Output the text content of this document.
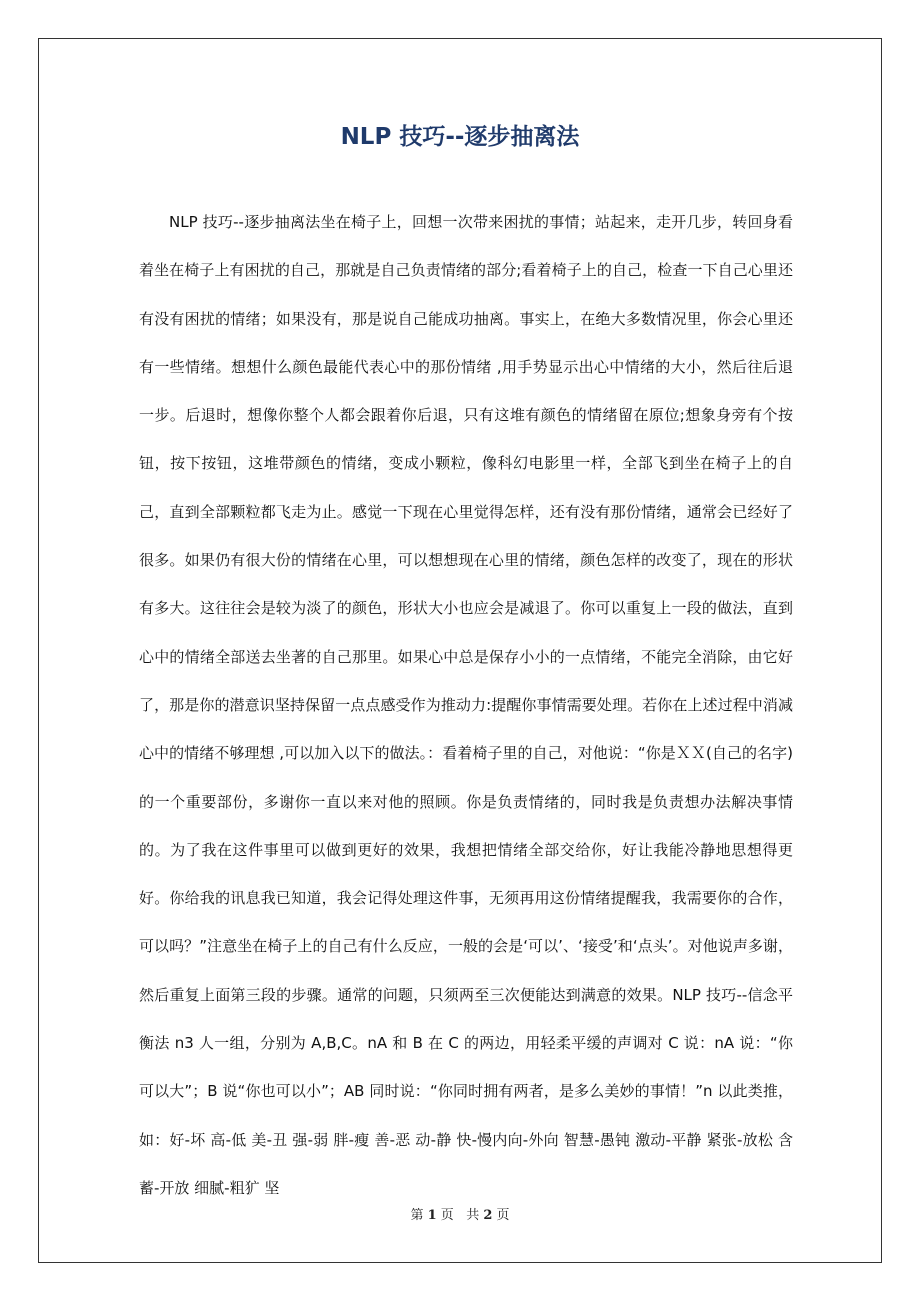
NLP 技巧--逐步抽离法

NLP 技巧--逐步抽离法坐在椅子上，回想一次带来困扰的事情；站起来，走开几步，转回身看着坐在椅子上有困扰的自己，那就是自己负责情绪的部分;看着椅子上的自己，检查一下自己心里还有没有困扰的情绪；如果没有，那是说自己能成功抽离。事实上，在绝大多数情况里，你会心里还有一些情绪。想想什么颜色最能代表心中的那份情绪 ,用手势显示出心中情绪的大小，然后往后退一步。后退时，想像你整个人都会跟着你后退，只有这堆有颜色的情绪留在原位;想象身旁有个按钮，按下按钮，这堆带颜色的情绪，变成小颗粒，像科幻电影里一样，全部飞到坐在椅子上的自己，直到全部颗粒都飞走为止。感觉一下现在心里觉得怎样，还有没有那份情绪，通常会已经好了很多。如果仍有很大份的情绪在心里，可以想想现在心里的情绪，颜色怎样的改变了，现在的形状有多大。这往往会是较为淡了的颜色，形状大小也应会是减退了。你可以重复上一段的做法，直到心中的情绪全部送去坐著的自己那里。如果心中总是保存小小的一点情绪，不能完全消除，由它好了，那是你的潜意识坚持保留一点点感受作为推动力:提醒你事情需要处理。若你在上述过程中消减心中的情绪不够理想 ,可以加入以下的做法。：看着椅子里的自己，对他说：“你是ＸＸ(自己的名字)的一个重要部份，多谢你一直以来对他的照顾。你是负责情绪的，同时我是负责想办法解决事情的。为了我在这件事里可以做到更好的效果，我想把情绪全部交给你，好让我能冷静地思想得更好。你给我的讯息我已知道，我会记得处理这件事，无须再用这份情绪提醒我，我需要你的合作，可以吗？”注意坐在椅子上的自己有什么反应，一般的会是‘可以’、‘接受’和‘点头’。对他说声多谢，然后重复上面第三段的步骤。通常的问题，只须两至三次便能达到满意的效果。NLP 技巧--信念平衡法 n3 人一组，分别为 A,B,C。nA 和 B 在 C 的两边，用轻柔平缓的声调对 C 说：nA 说：“你可以大”；B 说“你也可以小”；AB 同时说：“你同时拥有两者，是多么美妙的事情！”n 以此类推，如：好-坏 高-低 美-丑 强-弱 胖-瘦 善-恶 动-静 快-慢内向-外向 智慧-愚钝 激动-平静 紧张-放松 含蓄-开放 细腻-粗犷 坚

第 1 页   共 2 页
